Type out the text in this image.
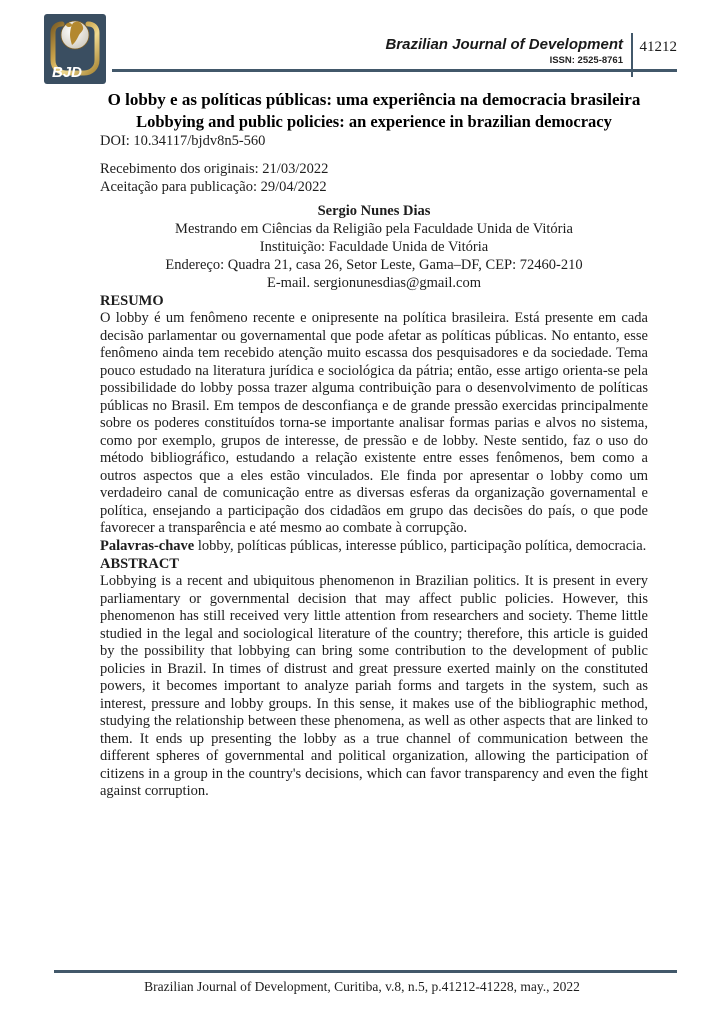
BJD
Brazilian Journal of Development
ISSN: 2525-8761
41212
O lobby e as políticas públicas: uma experiência na democracia brasileira
Lobbying and public policies: an experience in brazilian democracy

DOI: 10.34117/bjdv8n5-560

Recebimento dos originais: 21/03/2022

Aceitação para publicação: 29/04/2022

Sergio Nunes Dias
Mestrando em Ciências da Religião pela Faculdade Unida de Vitória
Instituição: Faculdade Unida de Vitória
Endereço: Quadra 21, casa 26, Setor Leste, Gama–DF, CEP: 72460-210
E-mail. sergionunesdias@gmail.com
RESUMO

O lobby é um fenômeno recente e onipresente na política brasileira. Está presente em cada decisão parlamentar ou governamental que pode afetar as políticas públicas. No entanto, esse fenômeno ainda tem recebido atenção muito escassa dos pesquisadores e da sociedade. Tema pouco estudado na literatura jurídica e sociológica da pátria; então, esse artigo orienta-se pela possibilidade do lobby possa trazer alguma contribuição para o desenvolvimento de políticas públicas no Brasil. Em tempos de desconfiança e de grande pressão exercidas principalmente sobre os poderes constituídos torna-se importante analisar formas parias e alvos no sistema, como por exemplo, grupos de interesse, de pressão e de lobby. Neste sentido, faz o uso do método bibliográfico, estudando a relação existente entre esses fenômenos, bem como a outros aspectos que a eles estão vinculados. Ele finda por apresentar o lobby como um verdadeiro canal de comunicação entre as diversas esferas da organização governamental e política, ensejando a participação dos cidadãos em grupo das decisões do país, o que pode favorecer a transparência e até mesmo ao combate à corrupção.

Palavras-chave lobby, políticas públicas, interesse público, participação política, democracia.

ABSTRACT

Lobbying is a recent and ubiquitous phenomenon in Brazilian politics. It is present in every parliamentary or governmental decision that may affect public policies. However, this phenomenon has still received very little attention from researchers and society. Theme little studied in the legal and sociological literature of the country; therefore, this article is guided by the possibility that lobbying can bring some contribution to the development of public policies in Brazil. In times of distrust and great pressure exerted mainly on the constituted powers, it becomes important to analyze pariah forms and targets in the system, such as interest, pressure and lobby groups. In this sense, it makes use of the bibliographic method, studying the relationship between these phenomena, as well as other aspects that are linked to them. It ends up presenting the lobby as a true channel of communication between the different spheres of governmental and political organization, allowing the participation of citizens in a group in the country's decisions, which can favor transparency and even the fight against corruption.

Brazilian Journal of Development, Curitiba, v.8, n.5, p.41212-41228, may., 2022
